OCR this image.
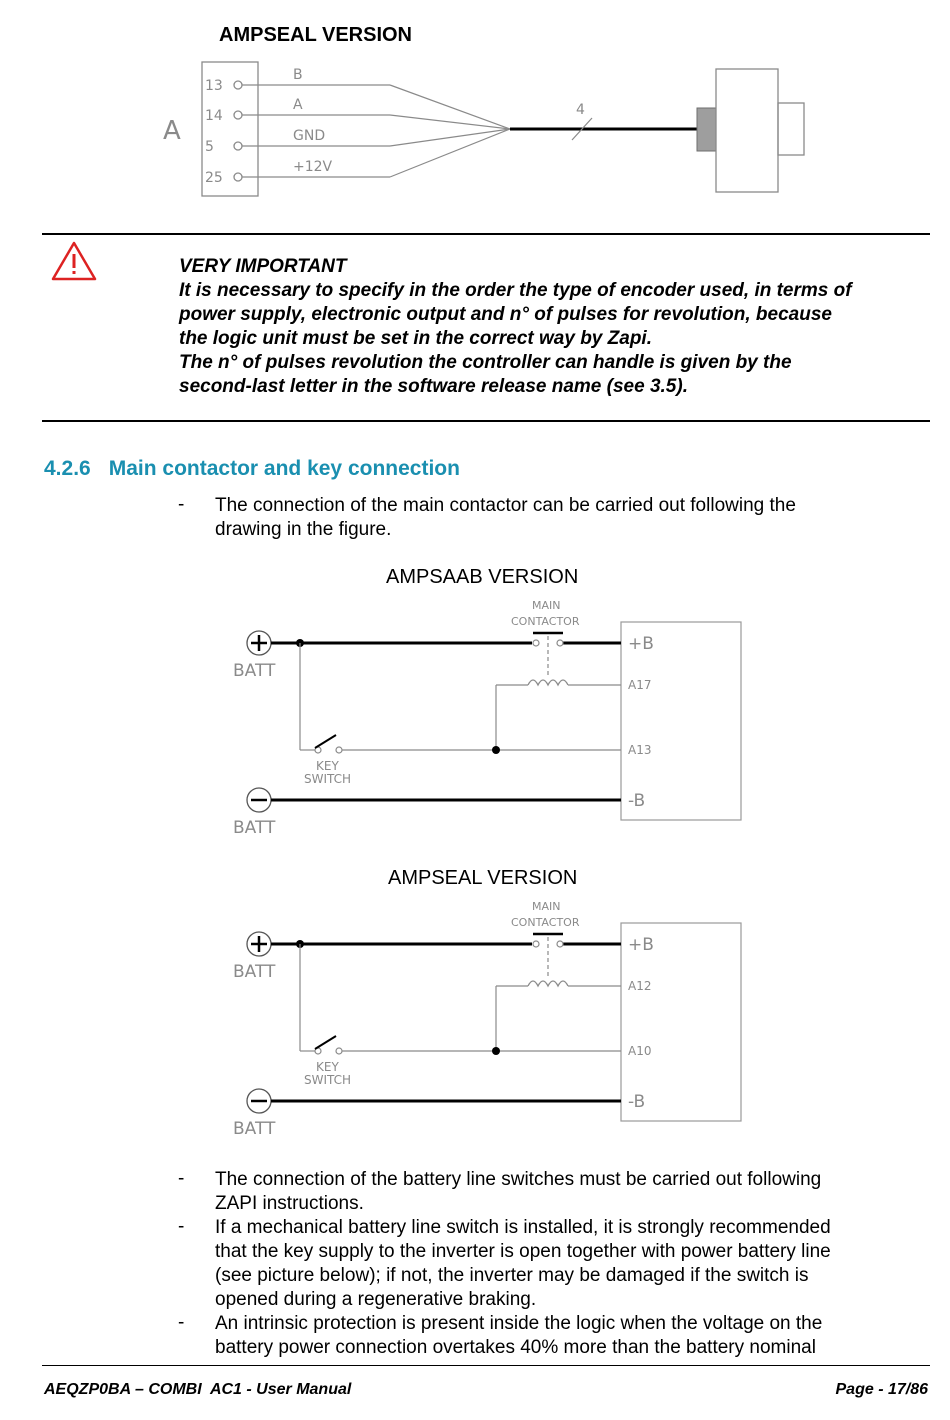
AMPSEAL VERSION
A
13
14
5
25
B
A
GND
+12V
4
VERY IMPORTANT
It is necessary to specify in the order the type of encoder used, in terms of
power supply, electronic output and n° of pulses for revolution, because
the logic unit must be set in the correct way by Zapi.
The n° of pulses revolution the controller can handle is given by the
second-last letter in the software release name (see 3.5).
4.2.6 Main contactor and key connection
- The connection of the main contactor can be carried out following the
drawing in the figure.
AMPSAAB VERSION
BATT
MAIN
CONTACTOR
KEY
SWITCH
BATT
+B
A17
A13
-B
AMPSEAL VERSION
BATT
MAIN
CONTACTOR
KEY
SWITCH
BATT
+B
A12
A10
-B
- The connection of the battery line switches must be carried out following
ZAPI instructions.
- If a mechanical battery line switch is installed, it is strongly recommended
that the key supply to the inverter is open together with power battery line
(see picture below); if not, the inverter may be damaged if the switch is
opened during a regenerative braking.
- An intrinsic protection is present inside the logic when the voltage on the
battery power connection overtakes 40% more than the battery nominal
AEQZP0BA – COMBI  AC1 - User Manual	Page - 17/86
